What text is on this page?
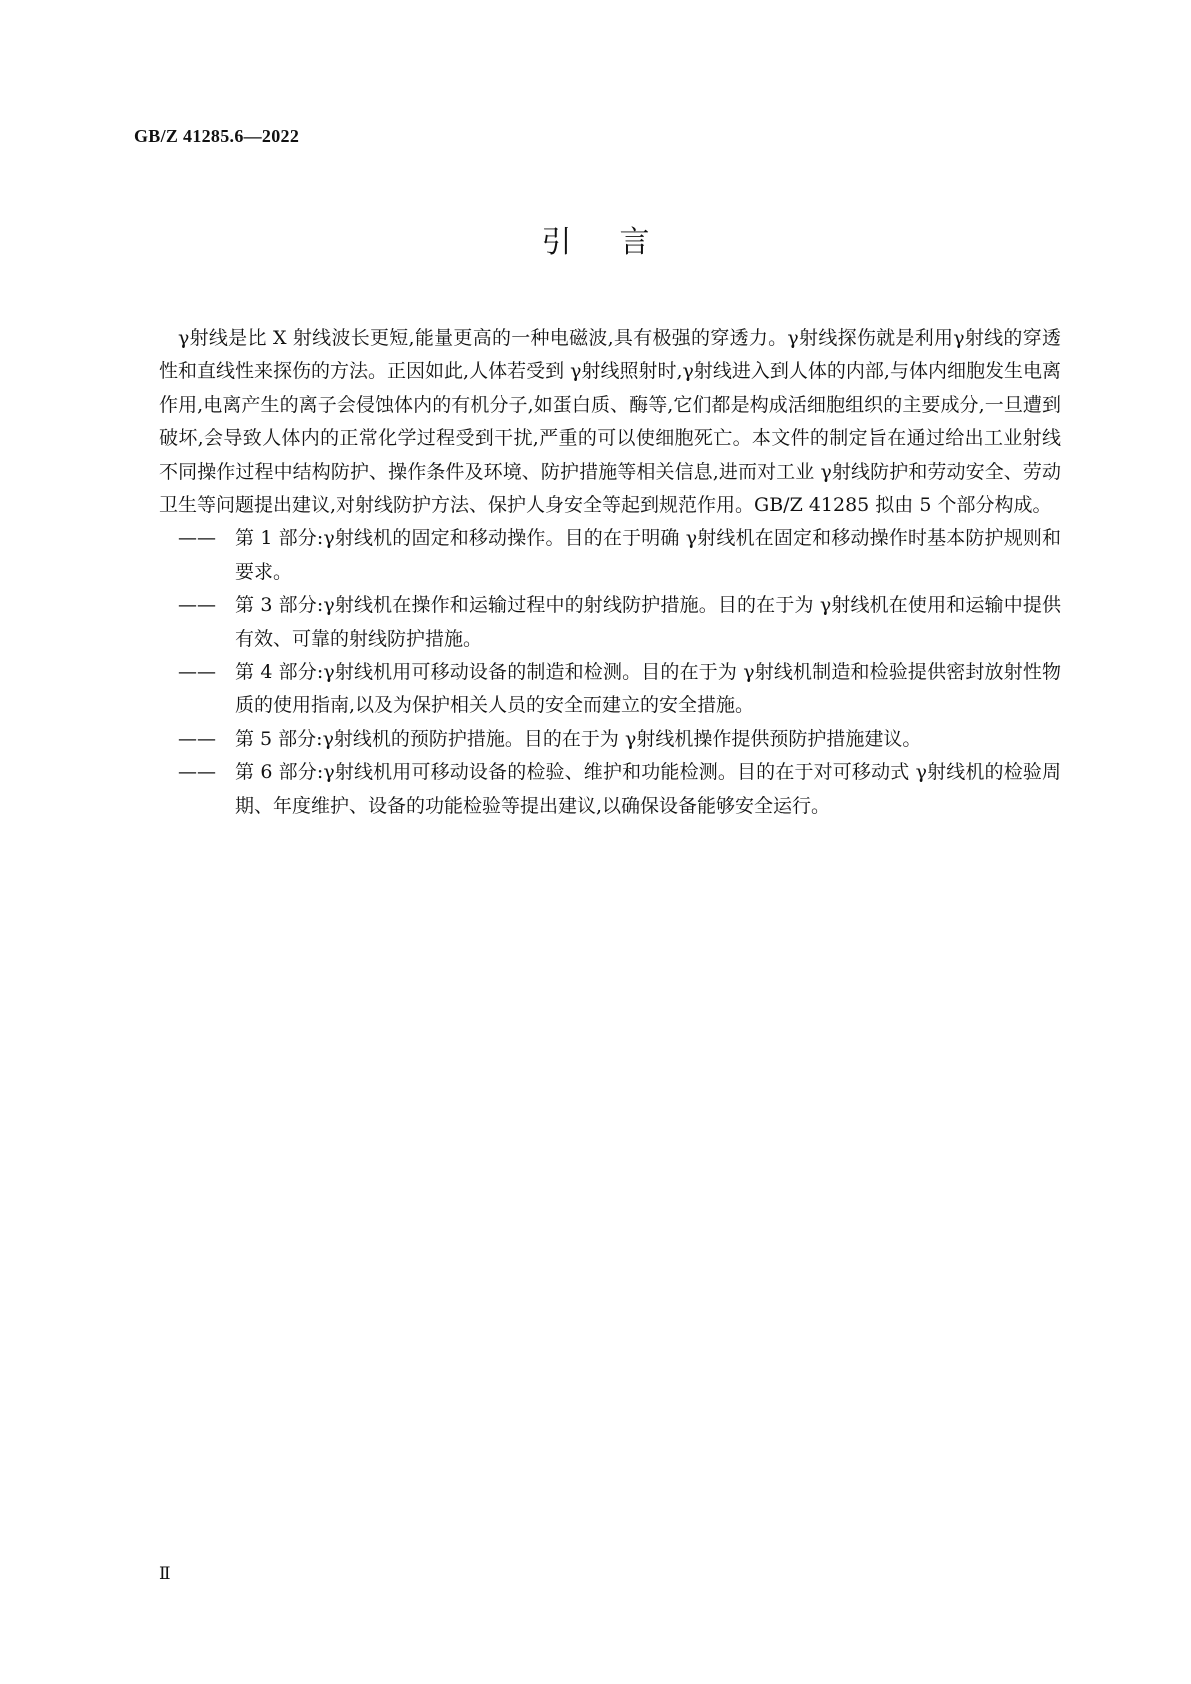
GB/Z 41285.6—2022
引言

γ射线是比 X 射线波长更短,能量更高的一种电磁波,具有极强的穿透力。γ射线探伤就是利用γ射线的穿透性和直线性来探伤的方法。正因如此,人体若受到 γ射线照射时,γ射线进入到人体的内部,与体内细胞发生电离作用,电离产生的离子会侵蚀体内的有机分子,如蛋白质、酶等,它们都是构成活细胞组织的主要成分,一旦遭到破坏,会导致人体内的正常化学过程受到干扰,严重的可以使细胞死亡。本文件的制定旨在通过给出工业射线不同操作过程中结构防护、操作条件及环境、防护措施等相关信息,进而对工业 γ射线防护和劳动安全、劳动卫生等问题提出建议,对射线防护方法、保护人身安全等起到规范作用。GB/Z 41285 拟由 5 个部分构成。

——	第 1 部分:γ射线机的固定和移动操作。目的在于明确 γ射线机在固定和移动操作时基本防护规则和要求。
——	第 3 部分:γ射线机在操作和运输过程中的射线防护措施。目的在于为 γ射线机在使用和运输中提供有效、可靠的射线防护措施。
——	第 4 部分:γ射线机用可移动设备的制造和检测。目的在于为 γ射线机制造和检验提供密封放射性物质的使用指南,以及为保护相关人员的安全而建立的安全措施。
——	第 5 部分:γ射线机的预防护措施。目的在于为 γ射线机操作提供预防护措施建议。
——	第 6 部分:γ射线机用可移动设备的检验、维护和功能检测。目的在于对可移动式 γ射线机的检验周期、年度维护、设备的功能检验等提出建议,以确保设备能够安全运行。
Ⅱ
